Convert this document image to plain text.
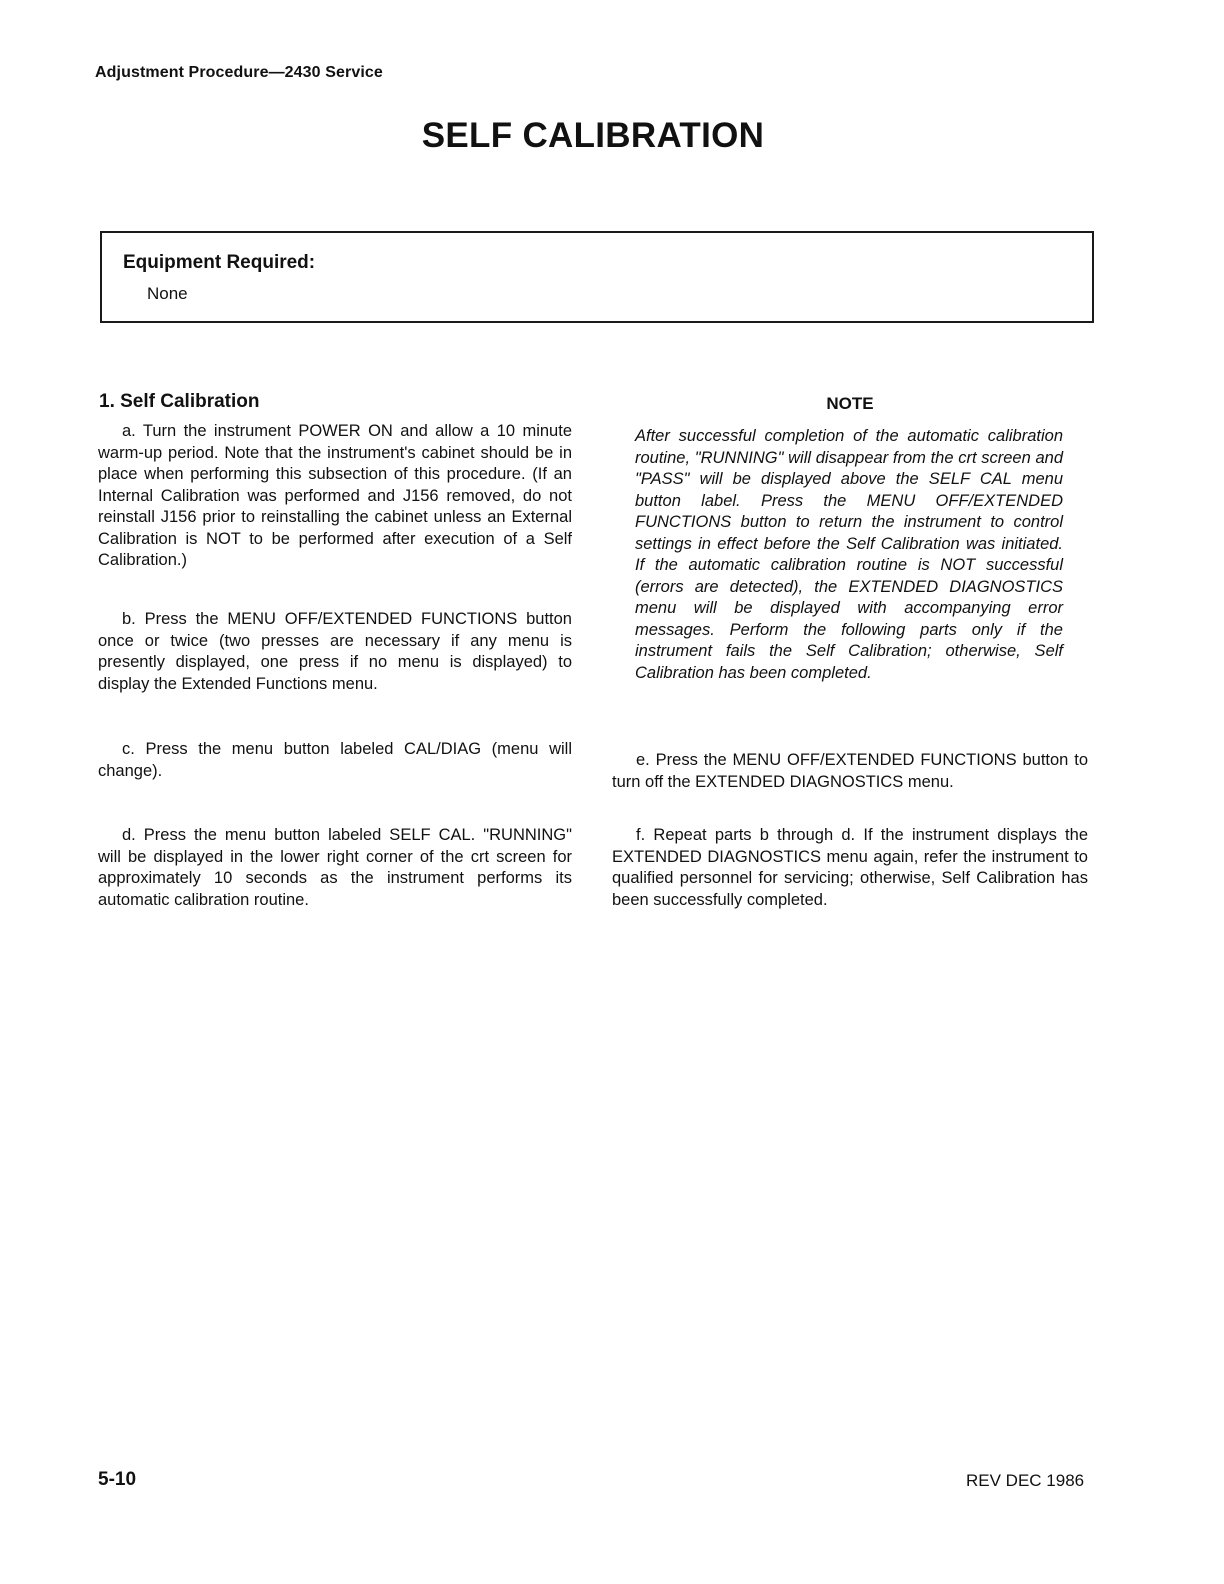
Adjustment Procedure—2430 Service
SELF CALIBRATION
Equipment Required:
None
1. Self Calibration

a. Turn the instrument POWER ON and allow a 10 minute warm-up period. Note that the instrument's cabinet should be in place when performing this subsection of this procedure. (If an Internal Calibration was performed and J156 removed, do not reinstall J156 prior to reinstalling the cabinet unless an External Calibration is NOT to be performed after execution of a Self Calibration.)

b. Press the MENU OFF/EXTENDED FUNCTIONS button once or twice (two presses are necessary if any menu is presently displayed, one press if no menu is displayed) to display the Extended Functions menu.

c. Press the menu button labeled CAL/DIAG (menu will change).

d. Press the menu button labeled SELF CAL. "RUNNING" will be displayed in the lower right corner of the crt screen for approximately 10 seconds as the instrument performs its automatic calibration routine.

NOTE

After successful completion of the automatic calibration routine, "RUNNING" will disappear from the crt screen and "PASS" will be displayed above the SELF CAL menu button label. Press the MENU OFF/EXTENDED FUNCTIONS button to return the instrument to control settings in effect before the Self Calibration was initiated. If the automatic calibration routine is NOT successful (errors are detected), the EXTENDED DIAGNOSTICS menu will be displayed with accompanying error messages. Perform the following parts only if the instrument fails the Self Calibration; otherwise, Self Calibration has been completed.

e. Press the MENU OFF/EXTENDED FUNCTIONS button to turn off the EXTENDED DIAGNOSTICS menu.

f. Repeat parts b through d. If the instrument displays the EXTENDED DIAGNOSTICS menu again, refer the instrument to qualified personnel for servicing; otherwise, Self Calibration has been successfully completed.

5-10	REV DEC 1986
